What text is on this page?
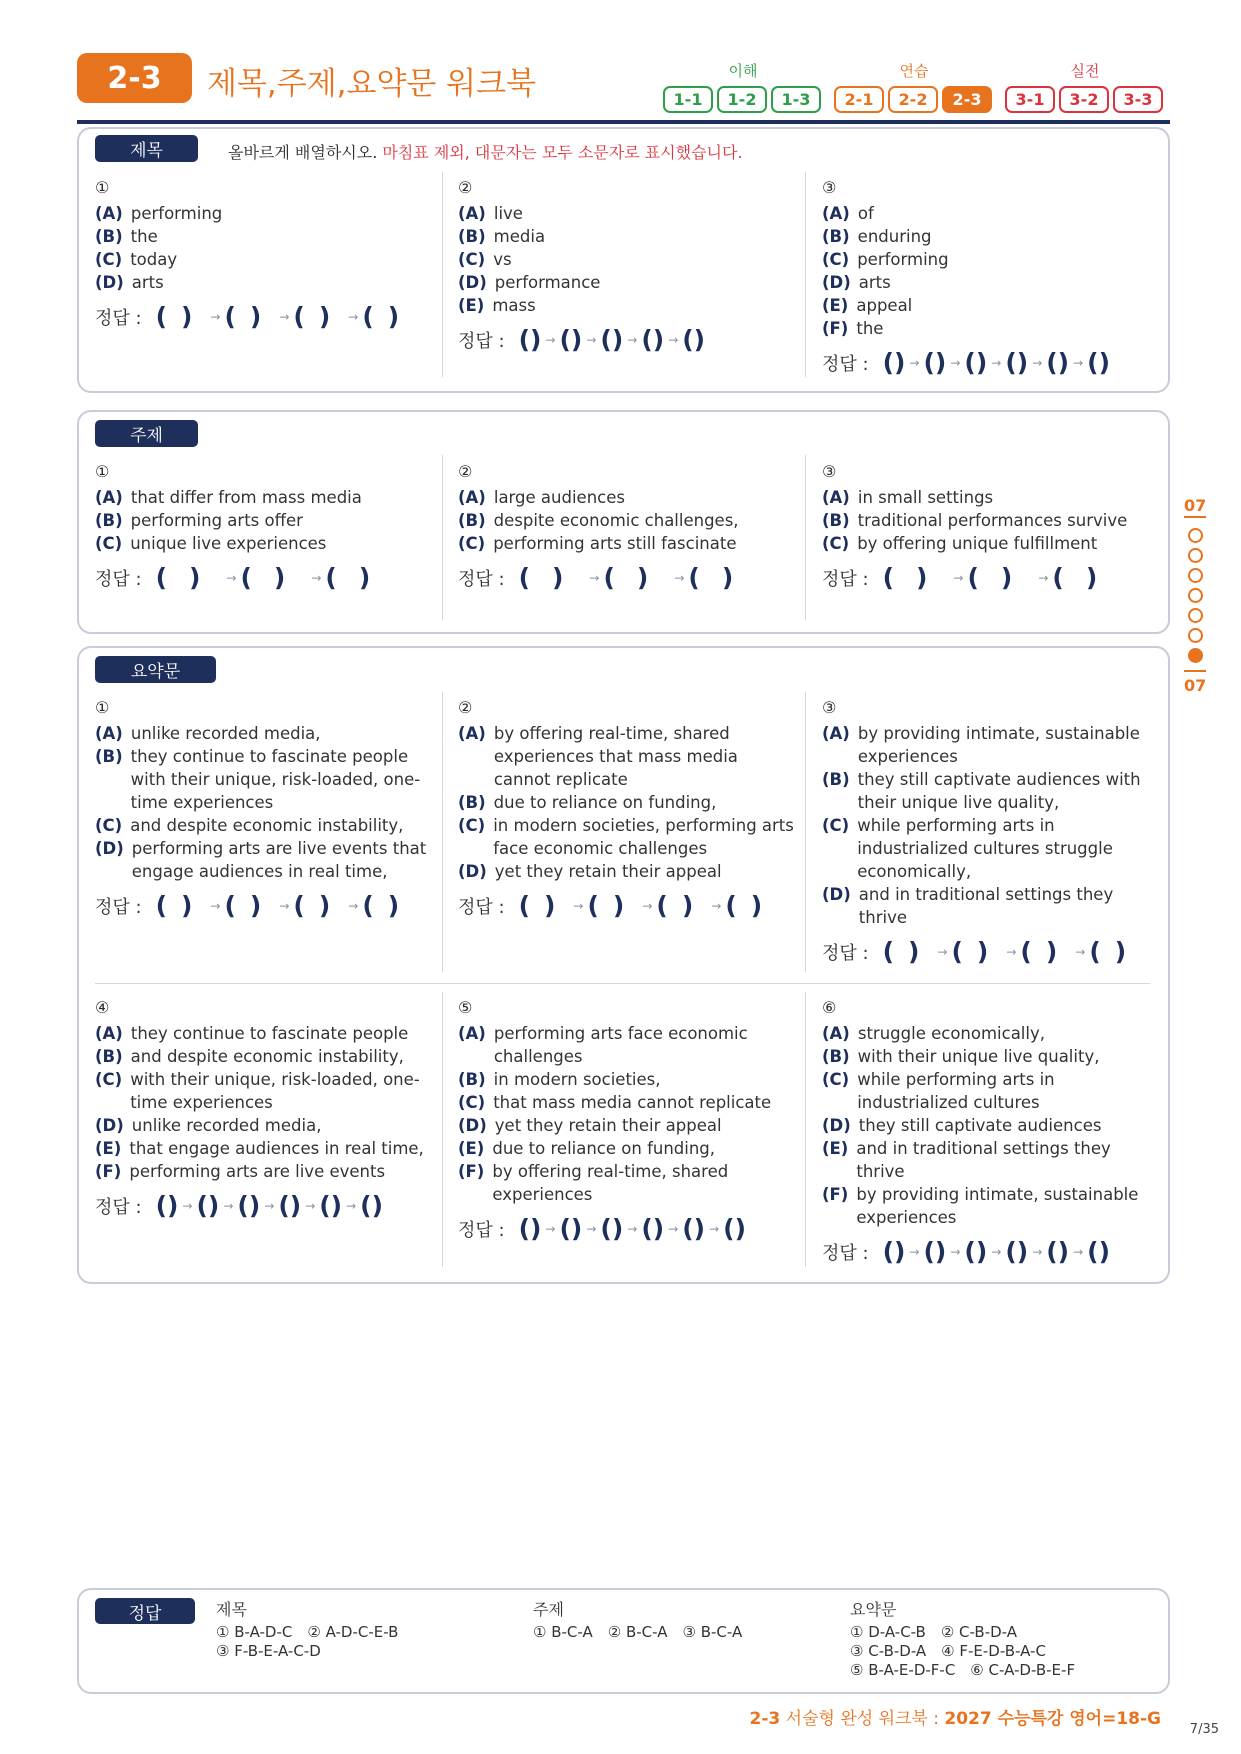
2-3	제목,주제,요약문 워크북	이해	연습	실전
1-1	1-2	1-3	2-1	2-2	2-3	3-1	3-2	3-3
제목	올바르게 배열하시오. 마침표 제외, 대문자는 모두 소문자로 표시했습니다.
①
(A) performing
(B) the
(C) today
(D) arts
정답 : () → () → () → ()
②
(A) live
(B) media
(C) vs
(D) performance
(E) mass
정답 : () → () → () → () → ()
③
(A) of
(B) enduring
(C) performing
(D) arts
(E) appeal
(F) the
정답 : () → () → () → () → () → ()
주제
①
(A) that differ from mass media
(B) performing arts offer
(C) unique live experiences
정답 : () → () → ()
②
(A) large audiences
(B) despite economic challenges,
(C) performing arts still fascinate
정답 : () → () → ()
③
(A) in small settings
(B) traditional performances survive
(C) by offering unique fulfillment
정답 : () → () → ()
요약문
①
(A) unlike recorded media,
(B) they continue to fascinate people with their unique, risk-loaded, one-time experiences
(C) and despite economic instability,
(D) performing arts are live events that engage audiences in real time,
정답 : () → () → () → ()
②
(A) by offering real-time, shared experiences that mass media cannot replicate
(B) due to reliance on funding,
(C) in modern societies, performing arts face economic challenges
(D) yet they retain their appeal
정답 : () → () → () → ()
③
(A) by providing intimate, sustainable experiences
(B) they still captivate audiences with their unique live quality,
(C) while performing arts in industrialized cultures struggle economically,
(D) and in traditional settings they thrive
정답 : () → () → () → ()
④
(A) they continue to fascinate people
(B) and despite economic instability,
(C) with their unique, risk-loaded, one-time experiences
(D) unlike recorded media,
(E) that engage audiences in real time,
(F) performing arts are live events
정답 : () → () → () → () → () → ()
⑤
(A) performing arts face economic challenges
(B) in modern societies,
(C) that mass media cannot replicate
(D) yet they retain their appeal
(E) due to reliance on funding,
(F) by offering real-time, shared experiences
정답 : () → () → () → () → () → ()
⑥
(A) struggle economically,
(B) with their unique live quality,
(C) while performing arts in industrialized cultures
(D) they still captivate audiences
(E) and in traditional settings they thrive
(F) by providing intimate, sustainable experiences
정답 : () → () → () → () → () → ()
07
07
정답	제목
① B-A-D-C　② A-D-C-E-B
③ F-B-E-A-C-D
주제
① B-C-A　② B-C-A　③ B-C-A
요약문
① D-A-C-B　② C-B-D-A
③ C-B-D-A　④ F-E-D-B-A-C
⑤ B-A-E-D-F-C　⑥ C-A-D-B-E-F
2-3 서술형 완성 워크북 : 2027 수능특강 영어=18-G
7/35
